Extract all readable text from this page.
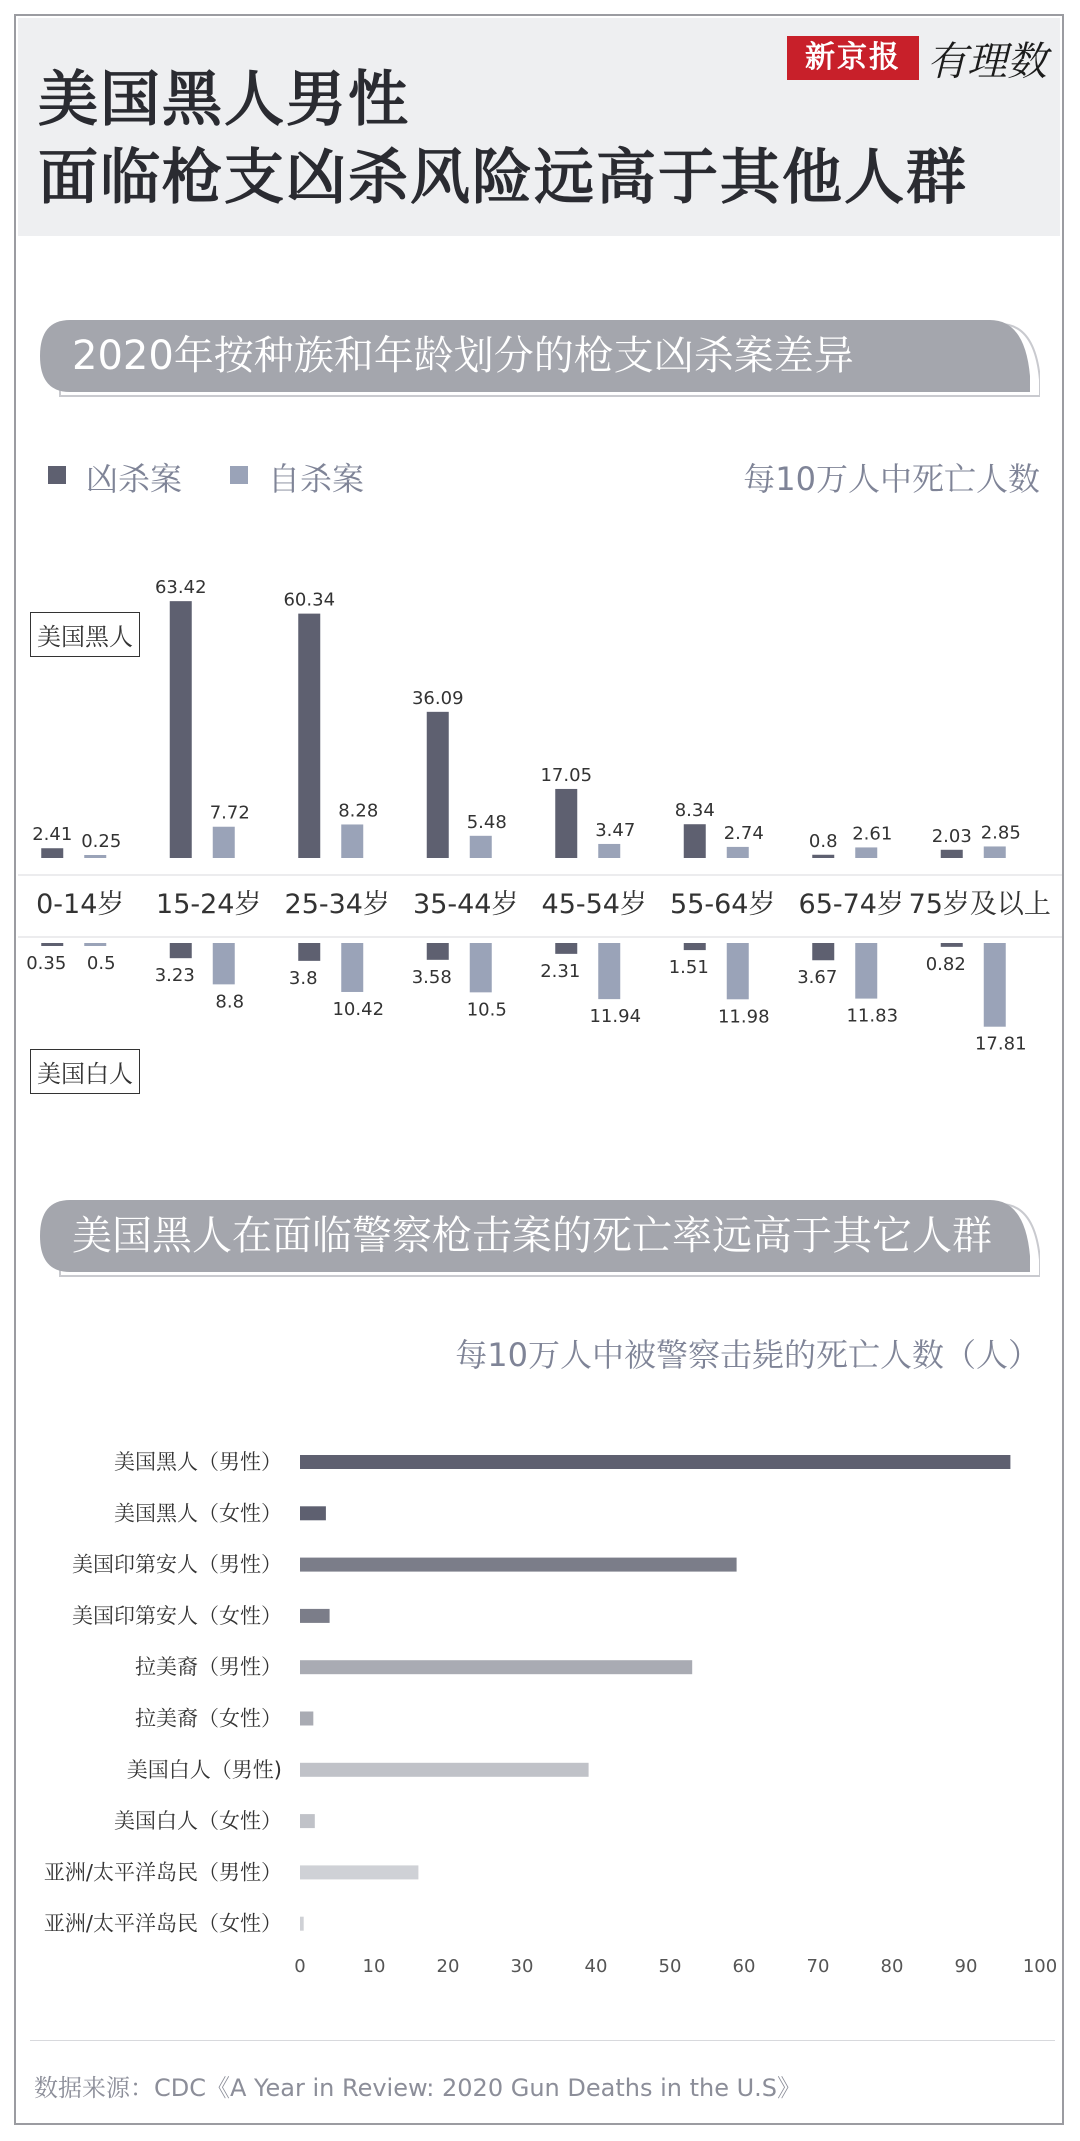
美国黑人男性
面临枪支凶杀风险远高于其他人群
新京报 有理数
2020年按种族和年龄划分的枪支凶杀案差异
凶杀案	自杀案	每10万人中死亡人数
美国黑人
美国白人
0-14岁
2.41 0.25
0.35 0.5
15-24岁
63.42
7.72
3.23
8.8
25-34岁
60.34
8.28
3.8
10.42
35-44岁
36.09
5.48
3.58
10.5
45-54岁
17.05
3.47
2.31
11.94
55-64岁
8.34
2.74
1.51
11.98
65-74岁
0.8 2.61
3.67
11.83
75岁及以上
2.03 2.85
0.82
17.81
美国黑人在面临警察枪击案的死亡率远高于其它人群
每10万人中被警察击毙的死亡人数（人）
美国黑人（男性）
美国黑人（女性）
美国印第安人（男性）
美国印第安人（女性）
拉美裔（男性）
拉美裔（女性）
美国白人（男性)
美国白人（女性）
亚洲/太平洋岛民（男性）
亚洲/太平洋岛民（女性）
0	10	20	30	40	50	60	70	80	90	100
数据来源：CDC《A Year in Review: 2020 Gun Deaths in the U.S》
